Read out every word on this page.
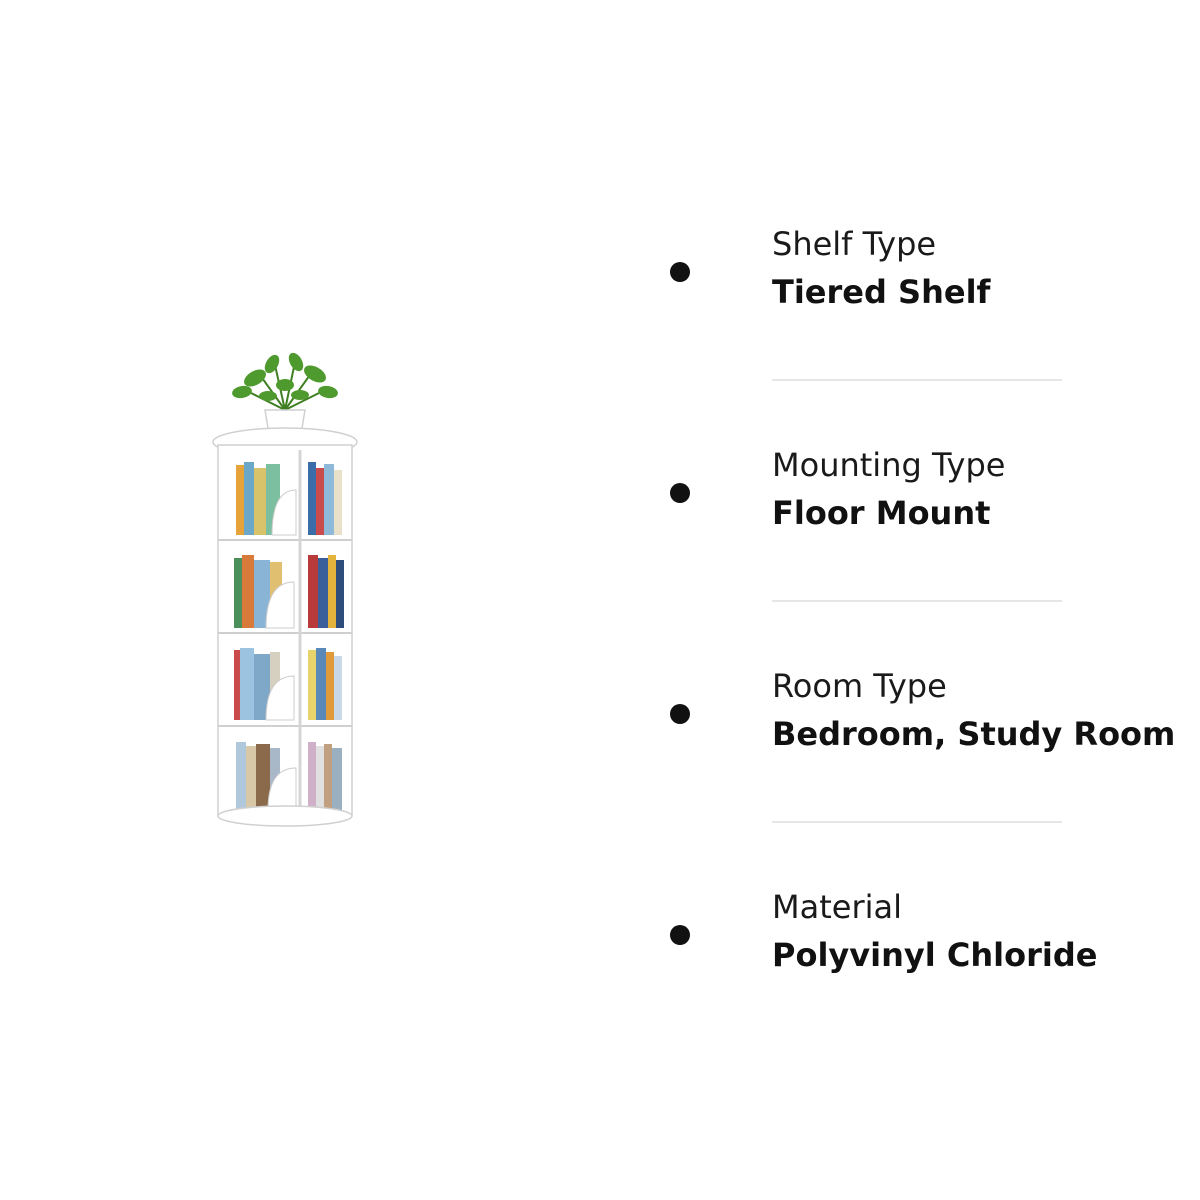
Shelf Type
Tiered Shelf
Mounting Type
Floor Mount
Room Type
Bedroom, Study Room
Material
Polyvinyl Chloride
